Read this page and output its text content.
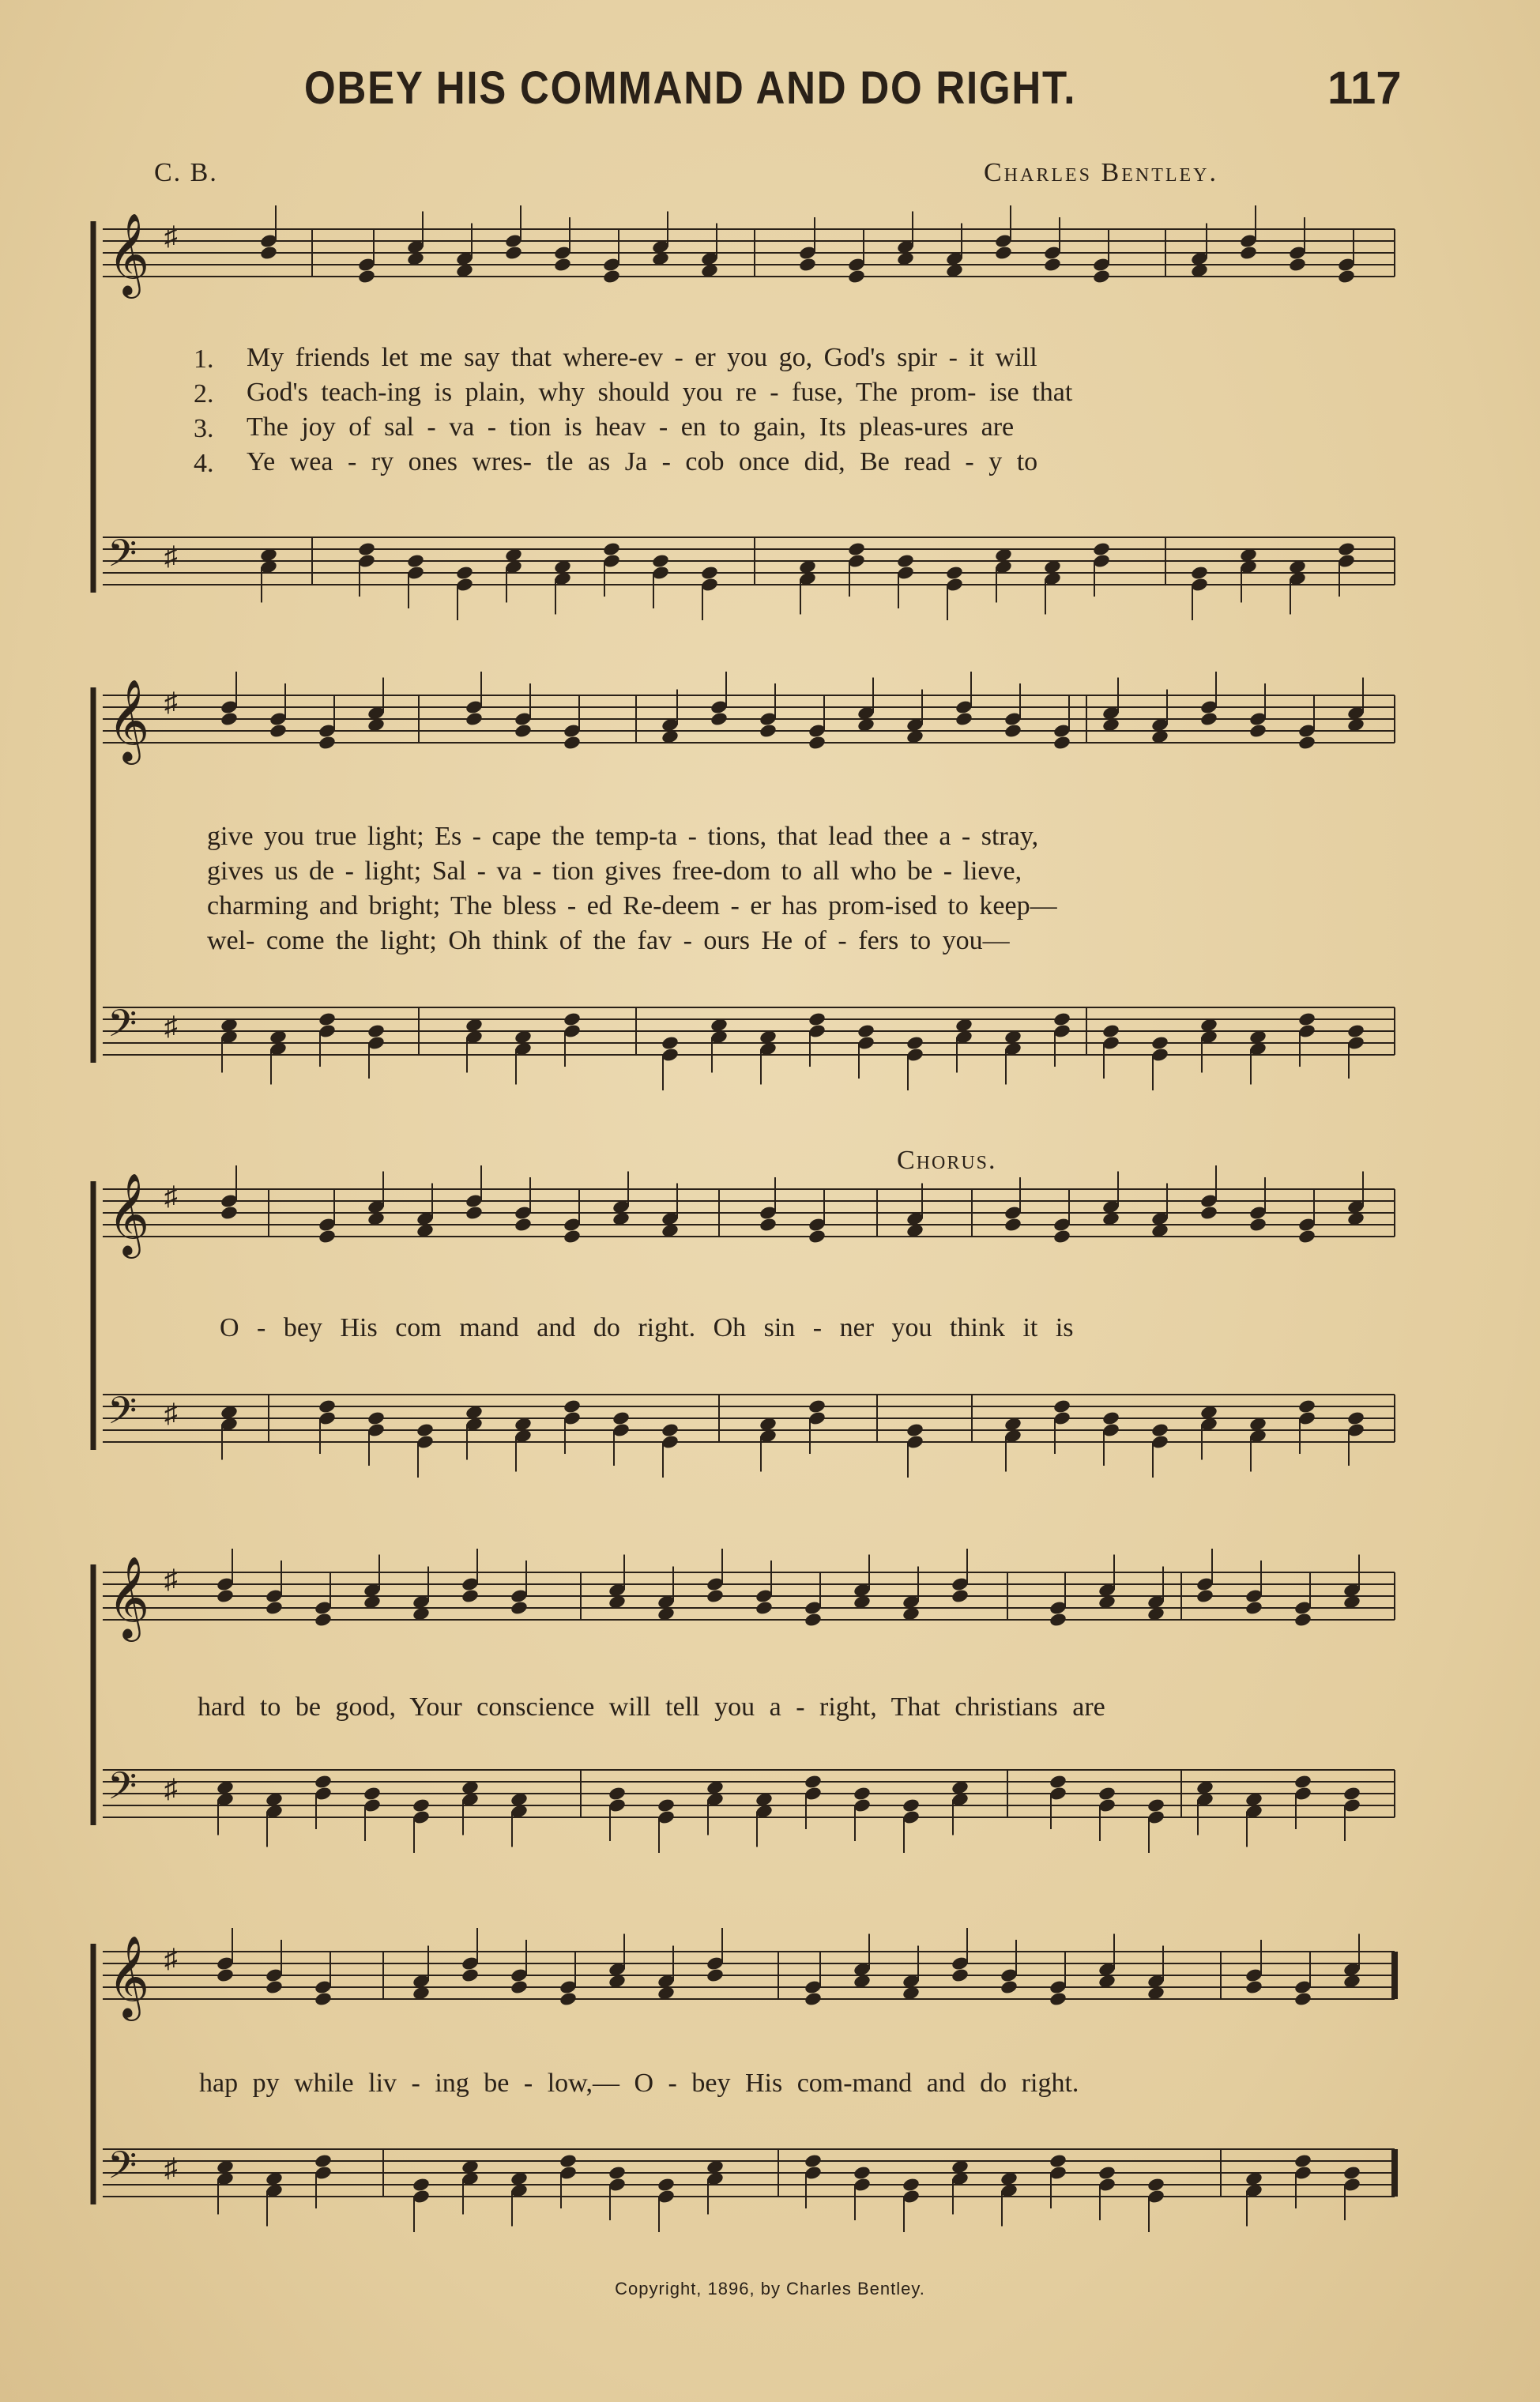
OBEY HIS COMMAND AND DO RIGHT.	117
C. B.	Charles Bentley.
𝄞 ♯
𝄢 ♯
𝄞 ♯
𝄢 ♯
𝄞 ♯
𝄢 ♯
𝄞 ♯
𝄢 ♯
𝄞 ♯
𝄢 ♯
1.
2.
3.
4.
My friends let me say that where-ev - er you go, God's spir - it will
God's teach-ing is plain, why should you re - fuse, The prom- ise that
The joy of sal - va - tion is heav - en to gain, Its pleas-ures are
Ye wea - ry ones wres- tle as Ja - cob once did, Be read - y to
give you true light; Es - cape the temp-ta - tions, that lead thee a - stray,
gives us de - light; Sal - va - tion gives free-dom to all who be - lieve,
charming and bright; The bless - ed Re-deem - er has prom-ised to keep—
wel- come the light; Oh think of the fav - ours He of - fers to you—
Chorus.
O - bey His com mand and do right. Oh sin - ner you think it is
hard to be good, Your conscience will tell you a - right, That christians are
hap py while liv - ing be - low,— O - bey His com-mand and do right.
Copyright, 1896, by Charles Bentley.
